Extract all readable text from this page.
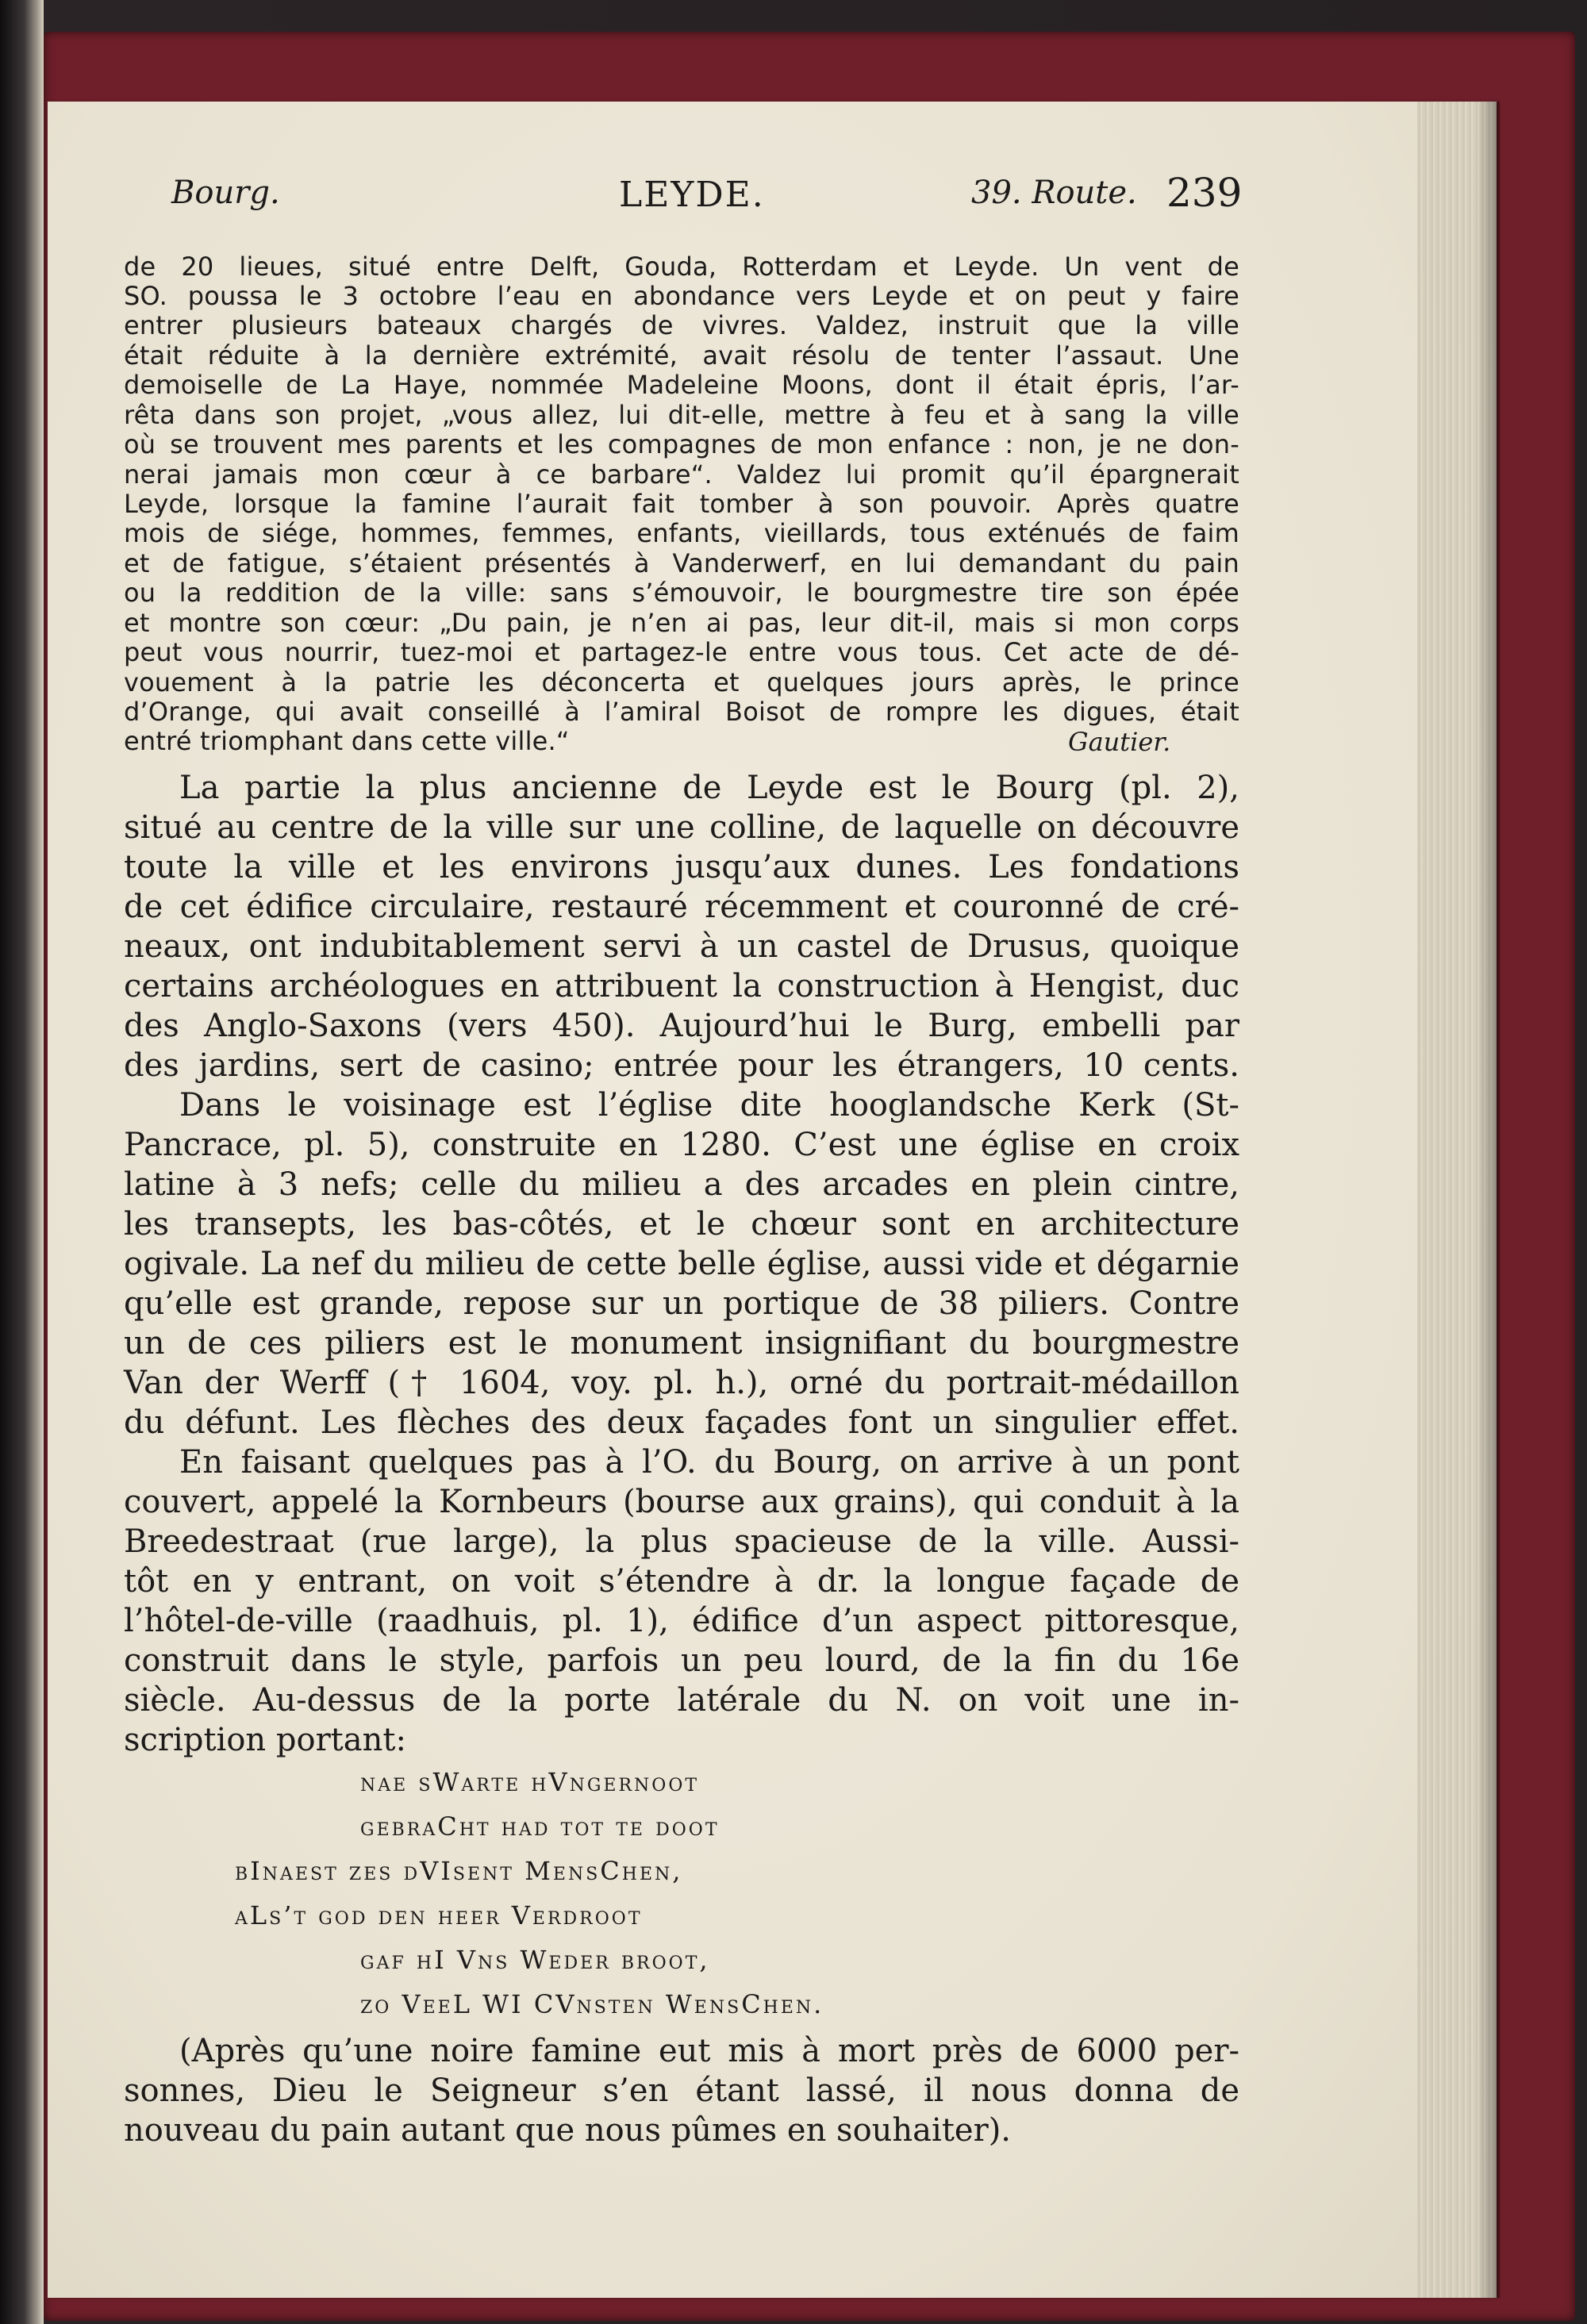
Bourg.	LEYDE.	39. Route. 239
de 20 lieues, situé entre Delft, Gouda, Rotterdam et Leyde. Un vent de
SO. poussa le 3 octobre l’eau en abondance vers Leyde et on peut y faire
entrer plusieurs bateaux chargés de vivres. Valdez, instruit que la ville
était réduite à la dernière extrémité, avait résolu de tenter l’assaut. Une
demoiselle de La Haye, nommée Madeleine Moons, dont il était épris, l’ar-
rêta dans son projet, „vous allez, lui dit-elle, mettre à feu et à sang la ville
où se trouvent mes parents et les compagnes de mon enfance : non, je ne don-
nerai jamais mon cœur à ce barbare“. Valdez lui promit qu’il épargnerait
Leyde, lorsque la famine l’aurait fait tomber à son pouvoir. Après quatre
mois de siége, hommes, femmes, enfants, vieillards, tous exténués de faim
et de fatigue, s’étaient présentés à Vanderwerf, en lui demandant du pain
ou la reddition de la ville: sans s’émouvoir, le bourgmestre tire son épée
et montre son cœur: „Du pain, je n’en ai pas, leur dit-il, mais si mon corps
peut vous nourrir, tuez-moi et partagez-le entre vous tous. Cet acte de dé-
vouement à la patrie les déconcerta et quelques jours après, le prince
d’Orange, qui avait conseillé à l’amiral Boisot de rompre les digues, était
entré triomphant dans cette ville.“	Gautier.
La partie la plus ancienne de Leyde est le Bourg (pl. 2),
situé au centre de la ville sur une colline, de laquelle on découvre
toute la ville et les environs jusqu’aux dunes. Les fondations
de cet édifice circulaire, restauré récemment et couronné de cré-
neaux, ont indubitablement servi à un castel de Drusus, quoique
certains archéologues en attribuent la construction à Hengist, duc
des Anglo-Saxons (vers 450). Aujourd’hui le Burg, embelli par
des jardins, sert de casino; entrée pour les étrangers, 10 cents.
Dans le voisinage est l’église dite hooglandsche Kerk (St-
Pancrace, pl. 5), construite en 1280. C’est une église en croix
latine à 3 nefs; celle du milieu a des arcades en plein cintre,
les transepts, les bas-côtés, et le chœur sont en architecture
ogivale. La nef du milieu de cette belle église, aussi vide et dégarnie
qu’elle est grande, repose sur un portique de 38 piliers. Contre
un de ces piliers est le monument insignifiant du bourgmestre
Van der Werff († 1604, voy. pl. h.), orné du portrait-médaillon
du défunt. Les flèches des deux façades font un singulier effet.
En faisant quelques pas à l’O. du Bourg, on arrive à un pont
couvert, appelé la Kornbeurs (bourse aux grains), qui conduit à la
Breedestraat (rue large), la plus spacieuse de la ville. Aussi-
tôt en y entrant, on voit s’étendre à dr. la longue façade de
l’hôtel-de-ville (raadhuis, pl. 1), édifice d’un aspect pittoresque,
construit dans le style, parfois un peu lourd, de la fin du 16e
siècle. Au-dessus de la porte latérale du N. on voit une in-
scription portant:
nae sWarte hVngernoot
gebraCht had tot te doot
bInaest zes dVIsent MensChen,
aLs’t god den heer Verdroot
gaf hI Vns Weder broot,
zo VeeL WI CVnsten WensChen.
(Après qu’une noire famine eut mis à mort près de 6000 per-
sonnes, Dieu le Seigneur s’en étant lassé, il nous donna de
nouveau du pain autant que nous pûmes en souhaiter).
